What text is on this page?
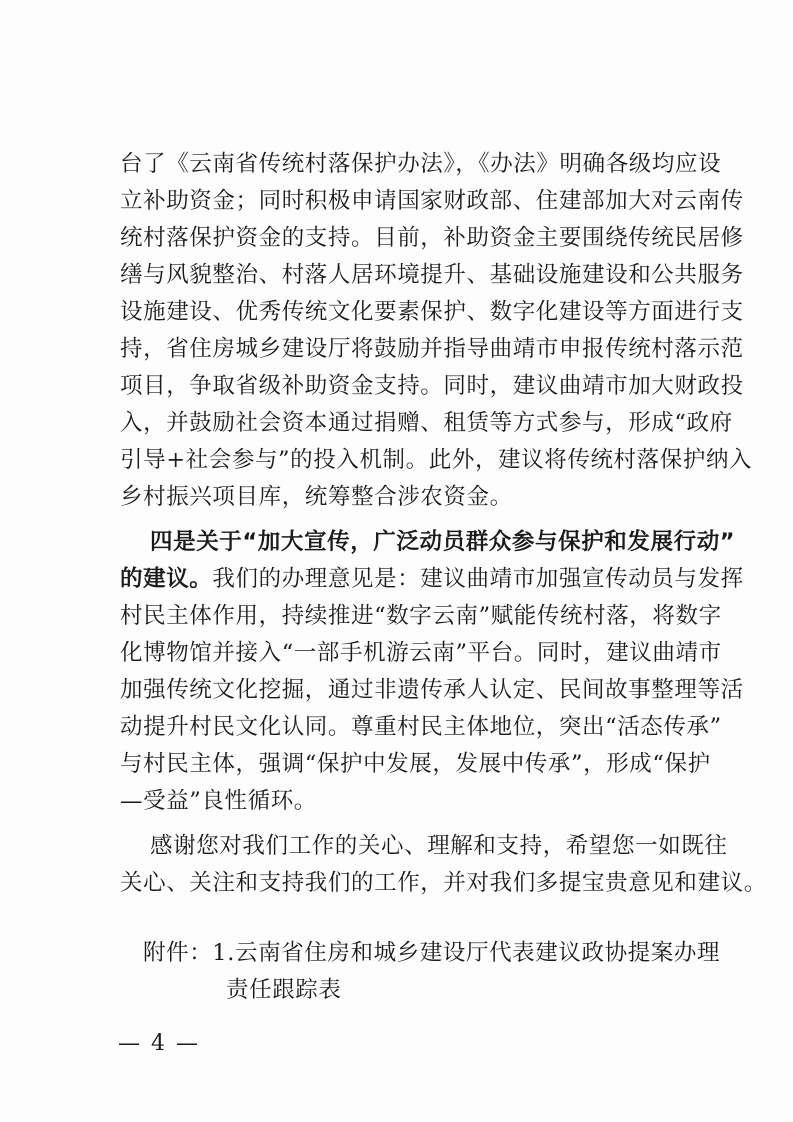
台了《云南省传统村落保护办法》，《办法》明确各级均应设
立补助资金；同时积极申请国家财政部、住建部加大对云南传
统村落保护资金的支持。目前，补助资金主要围绕传统民居修
缮与风貌整治、村落人居环境提升、基础设施建设和公共服务
设施建设、优秀传统文化要素保护、数字化建设等方面进行支
持，省住房城乡建设厅将鼓励并指导曲靖市申报传统村落示范
项目，争取省级补助资金支持。同时，建议曲靖市加大财政投
入，并鼓励社会资本通过捐赠、租赁等方式参与，形成“政府
引导+社会参与”的投入机制。此外，建议将传统村落保护纳入
乡村振兴项目库，统筹整合涉农资金。
四是关于“加大宣传，广泛动员群众参与保护和发展行动”
的建议。我们的办理意见是：建议曲靖市加强宣传动员与发挥
村民主体作用，持续推进“数字云南”赋能传统村落，将数字
化博物馆并接入“一部手机游云南”平台。同时，建议曲靖市
加强传统文化挖掘，通过非遗传承人认定、民间故事整理等活
动提升村民文化认同。尊重村民主体地位，突出“活态传承”
与村民主体，强调“保护中发展，发展中传承”，形成“保护
—受益”良性循环。
感谢您对我们工作的关心、理解和支持，希望您一如既往
关心、关注和支持我们的工作，并对我们多提宝贵意见和建议。
附件：1.云南省住房和城乡建设厅代表建议政协提案办理
责任跟踪表
— 4 —
